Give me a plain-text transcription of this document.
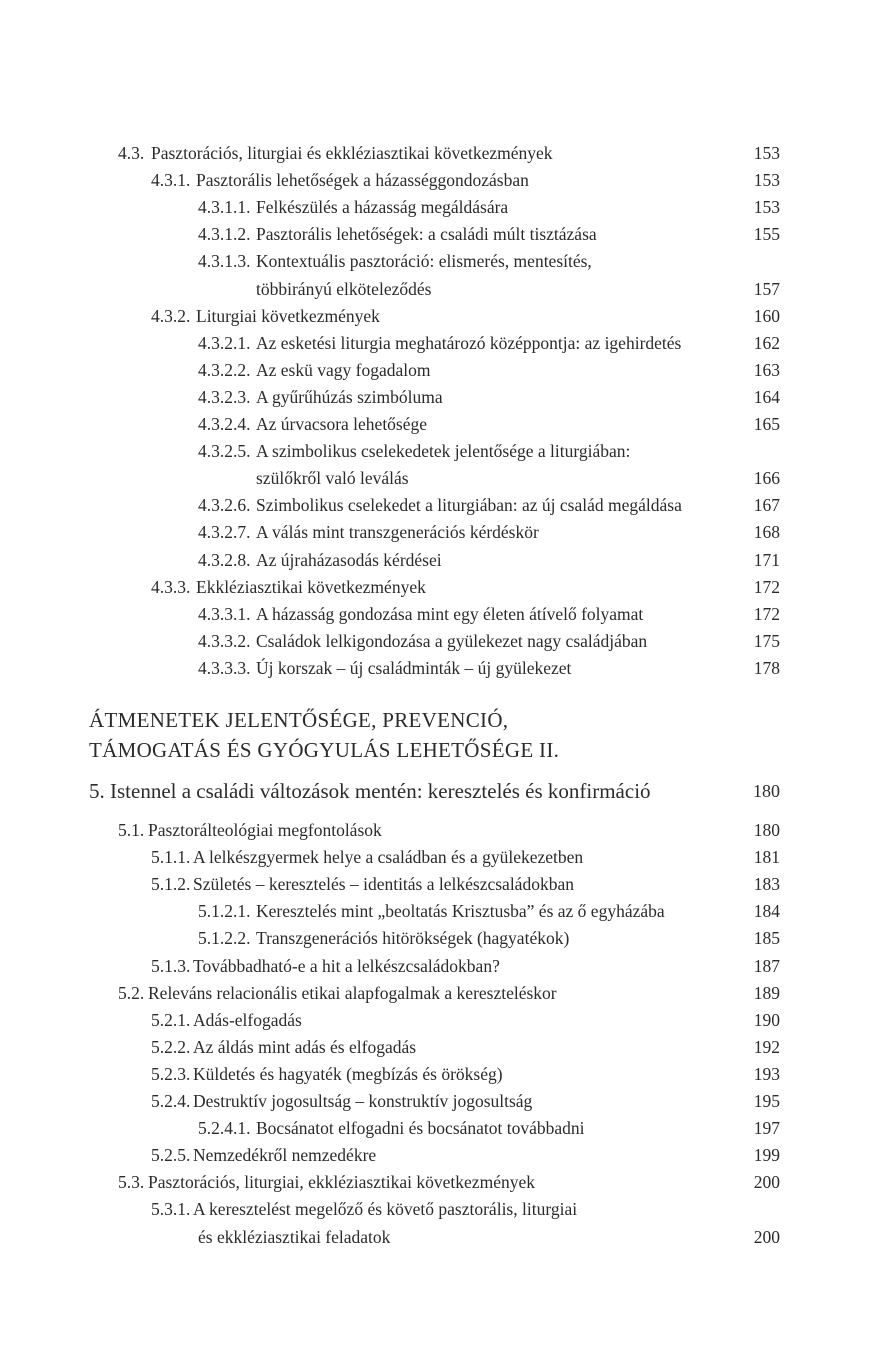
4.3. Pasztorációs, liturgiai és ekkléziasztikai következmények	153
4.3.1. Pasztorális lehetőségek a házasséggondozásban	153
4.3.1.1. Felkészülés a házasság megáldására	153
4.3.1.2. Pasztorális lehetőségek: a családi múlt tisztázása	155
4.3.1.3. Kontextuális pasztoráció: elismerés, mentesítés,
többirányú elköteleződés	157
4.3.2. Liturgiai következmények	160
4.3.2.1. Az esketési liturgia meghatározó középpontja: az igehirdetés	162
4.3.2.2. Az eskü vagy fogadalom	163
4.3.2.3. A gyűrűhúzás szimbóluma	164
4.3.2.4. Az úrvacsora lehetősége	165
4.3.2.5. A szimbolikus cselekedetek jelentősége a liturgiában:
szülőkről való leválás	166
4.3.2.6. Szimbolikus cselekedet a liturgiában: az új család megáldása	167
4.3.2.7. A válás mint transzgenerációs kérdéskör	168
4.3.2.8. Az újraházasodás kérdései	171
4.3.3. Ekkléziasztikai következmények	172
4.3.3.1. A házasság gondozása mint egy életen átívelő folyamat	172
4.3.3.2. Családok lelkigondozása a gyülekezet nagy családjában	175
4.3.3.3. Új korszak – új családminták – új gyülekezet	178
ÁTMENETEK JELENTŐSÉGE, PREVENCIÓ,
TÁMOGATÁS ÉS GYÓGYULÁS LEHETŐSÉGE II.
5. Istennel a családi változások mentén: keresztelés és konfirmáció	180
5.1. Pasztorálteológiai megfontolások	180
5.1.1. A lelkészgyermek helye a családban és a gyülekezetben	181
5.1.2. Születés – keresztelés – identitás a lelkészcsaládokban	183
5.1.2.1. Keresztelés mint „beoltatás Krisztusba” és az ő egyházába	184
5.1.2.2. Transzgenerációs hitörökségek (hagyatékok)	185
5.1.3. Továbbadható-e a hit a lelkészcsaládokban?	187
5.2. Releváns relacionális etikai alapfogalmak a kereszteléskor	189
5.2.1. Adás-elfogadás	190
5.2.2. Az áldás mint adás és elfogadás	192
5.2.3. Küldetés és hagyaték (megbízás és örökség)	193
5.2.4. Destruktív jogosultság – konstruktív jogosultság	195
5.2.4.1. Bocsánatot elfogadni és bocsánatot továbbadni	197
5.2.5. Nemzedékről nemzedékre	199
5.3. Pasztorációs, liturgiai, ekkléziasztikai következmények	200
5.3.1. A keresztelést megelőző és követő pasztorális, liturgiai
és ekkléziasztikai feladatok	200
